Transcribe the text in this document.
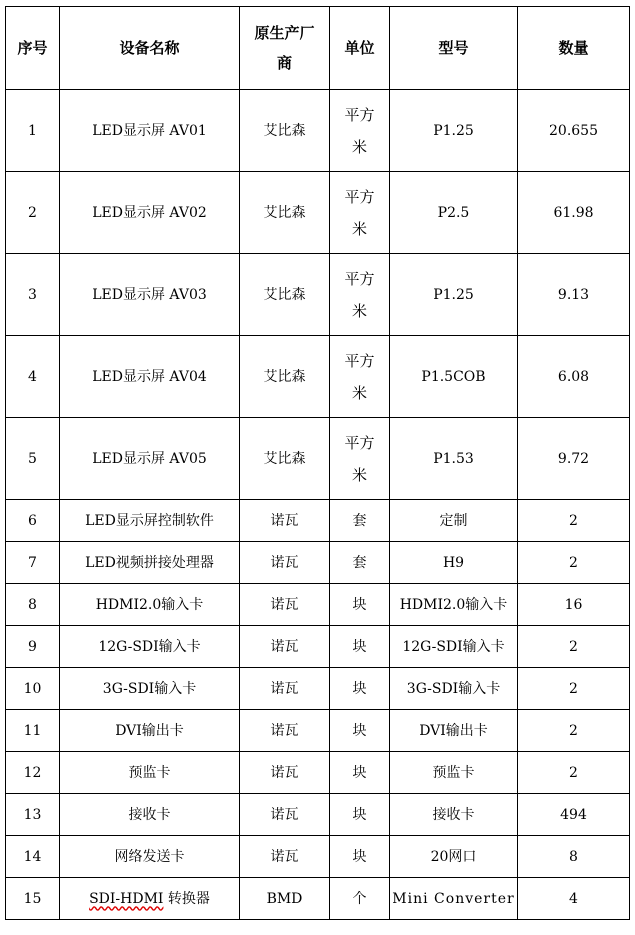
序号	设备名称	原生产厂商	单位	型号	数量
1	LED显示屏 AV01	艾比森	平方米	P1.25	20.655
2	LED显示屏 AV02	艾比森	平方米	P2.5	61.98
3	LED显示屏 AV03	艾比森	平方米	P1.25	9.13
4	LED显示屏 AV04	艾比森	平方米	P1.5COB	6.08
5	LED显示屏 AV05	艾比森	平方米	P1.53	9.72
6	LED显示屏控制软件	诺瓦	套	定制	2
7	LED视频拼接处理器	诺瓦	套	H9	2
8	HDMI2.0输入卡	诺瓦	块	HDMI2.0输入卡	16
9	12G-SDI输入卡	诺瓦	块	12G-SDI输入卡	2
10	3G-SDI输入卡	诺瓦	块	3G-SDI输入卡	2
11	DVI输出卡	诺瓦	块	DVI输出卡	2
12	预监卡	诺瓦	块	预监卡	2
13	接收卡	诺瓦	块	接收卡	494
14	网络发送卡	诺瓦	块	20网口	8
15	SDI-HDMI 转换器	BMD	个	Mini Converter	4
